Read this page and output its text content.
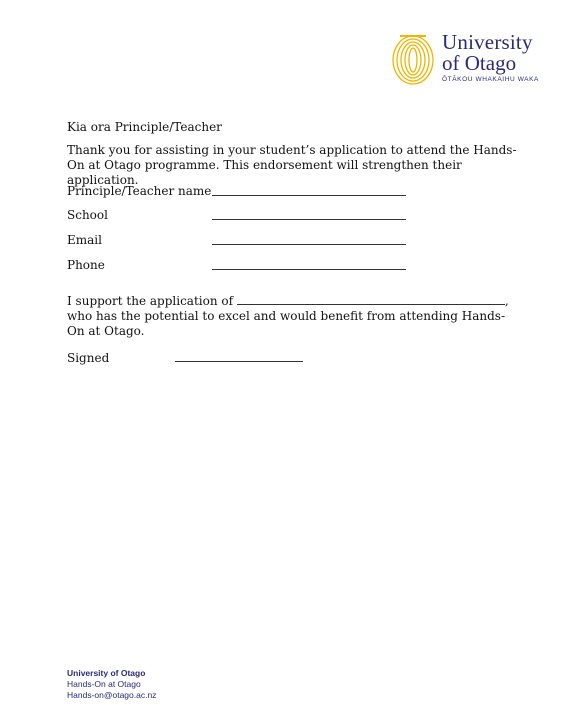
University
of Otago
ŌTĀKOU WHAKAIHU WAKA
Kia ora Principle/Teacher
Thank you for assisting in your student’s application to attend the Hands-On at Otago programme. This endorsement will strengthen their application.
Principle/Teacher name
School
Email
Phone
I support the application of	, who has the potential to excel and would benefit from attending Hands-On at Otago.
Signed
University of Otago
Hands-On at Otago
Hands-on@otago.ac.nz
